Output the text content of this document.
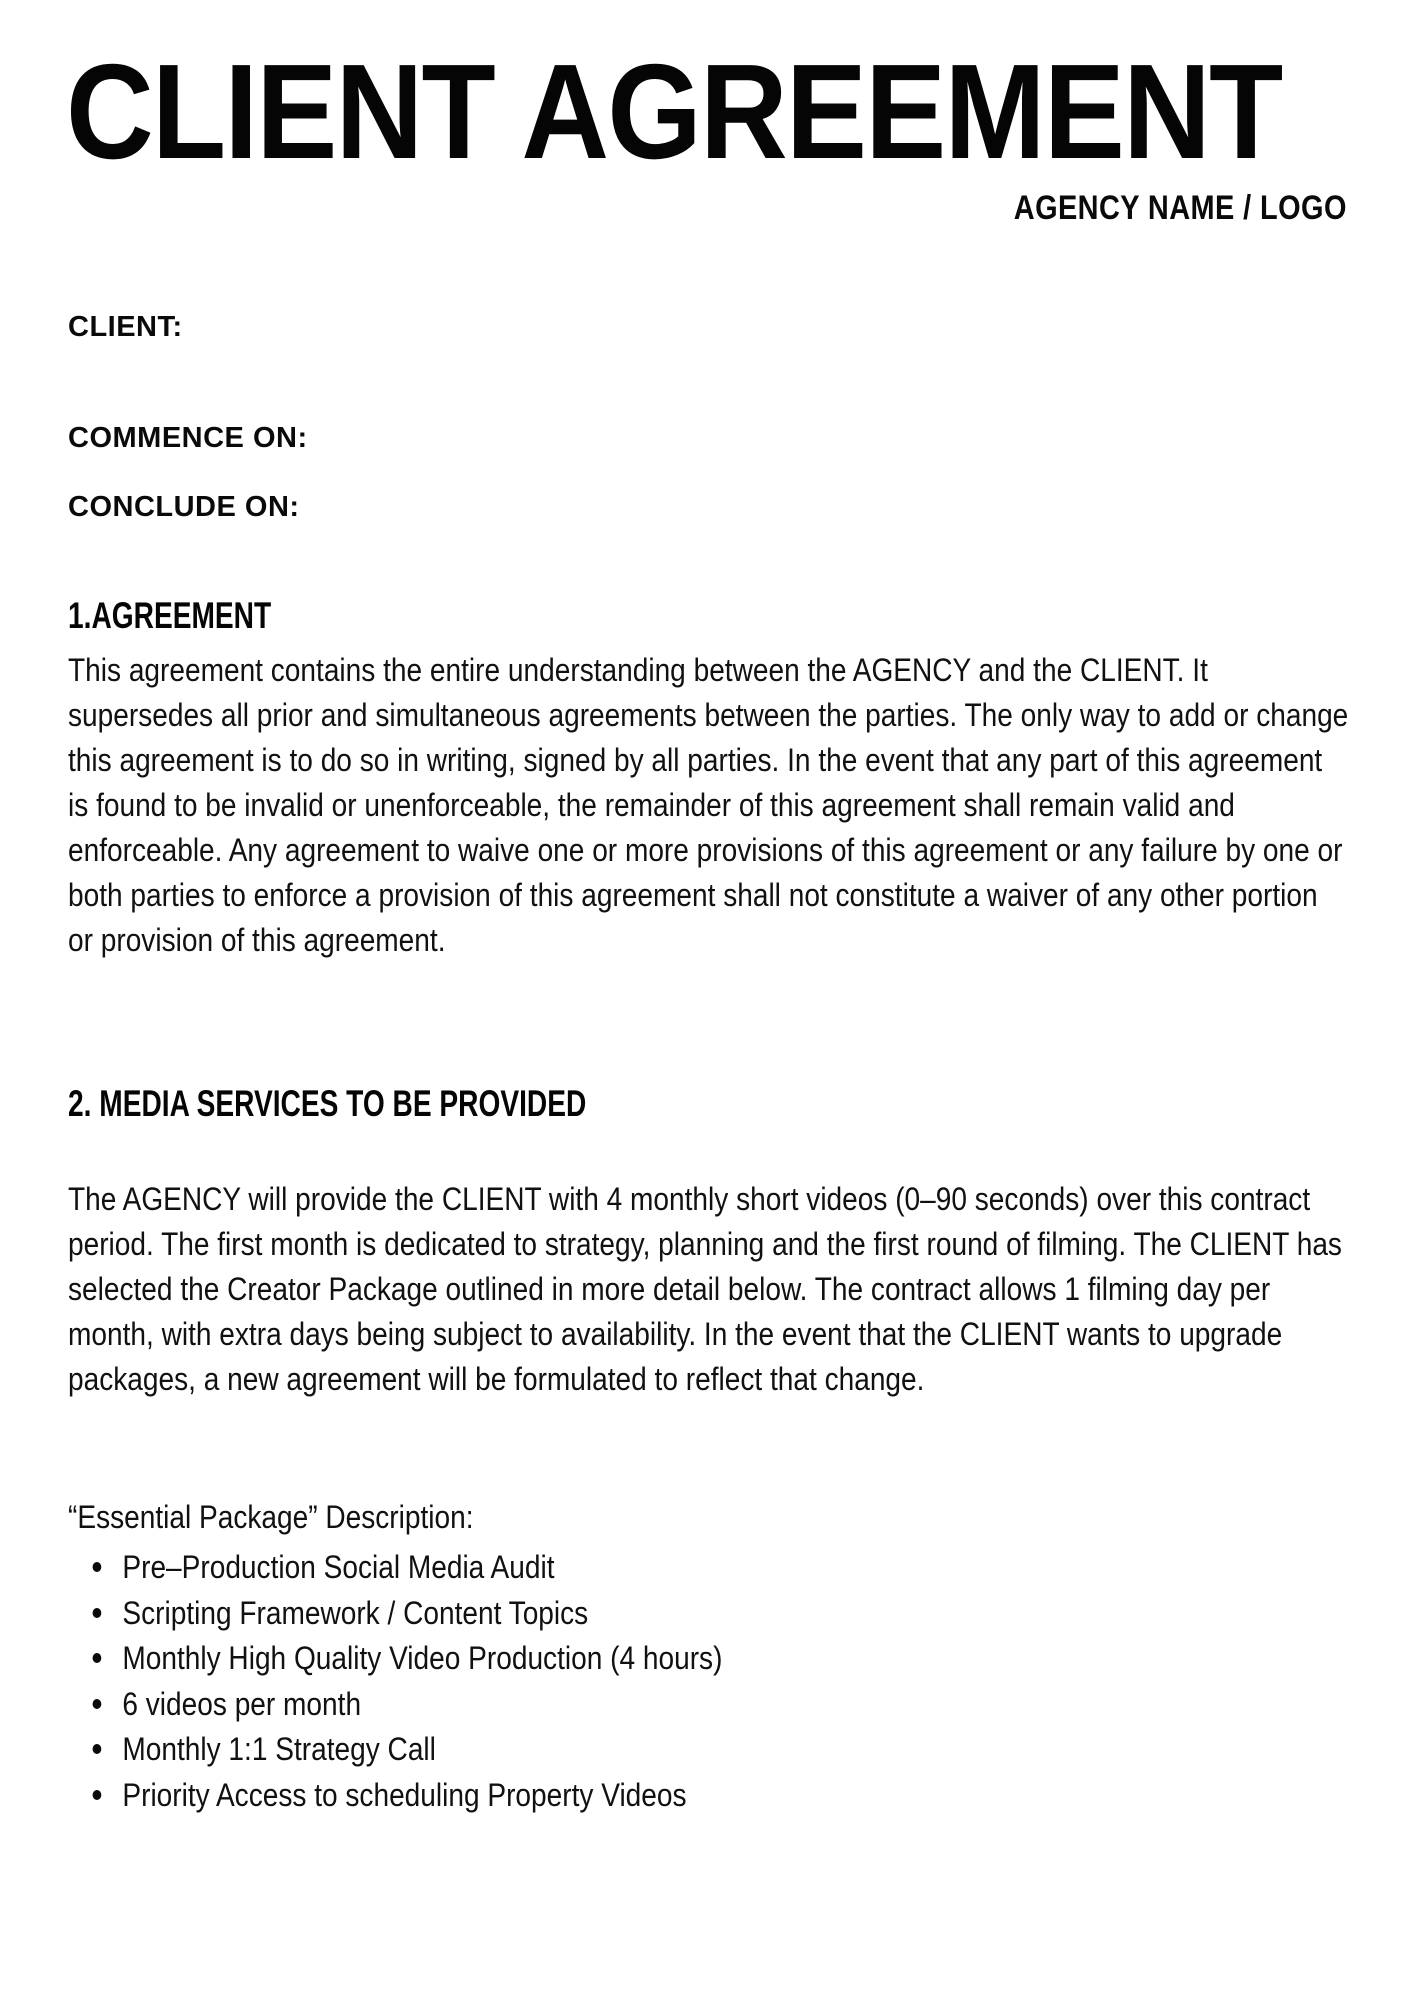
CLIENT AGREEMENT
AGENCY NAME / LOGO
CLIENT:
COMMENCE ON:
CONCLUDE ON:
1.AGREEMENT

This agreement contains the entire understanding between the AGENCY and the CLIENT. It supersedes all prior and simultaneous agreements between the parties. The only way to add or change this agreement is to do so in writing, signed by all parties. In the event that any part of this agreement is found to be invalid or unenforceable, the remainder of this agreement shall remain valid and enforceable. Any agreement to waive one or more provisions of this agreement or any failure by one or both parties to enforce a provision of this agreement shall not constitute a waiver of any other portion or provision of this agreement.

2. MEDIA SERVICES TO BE PROVIDED

The AGENCY will provide the CLIENT with 4 monthly short videos (0–90 seconds) over this contract period. The first month is dedicated to strategy, planning and the first round of filming. The CLIENT has selected the Creator Package outlined in more detail below. The contract allows 1 filming day per month, with extra days being subject to availability. In the event that the CLIENT wants to upgrade packages, a new agreement will be formulated to reflect that change.

“Essential Package” Description:

Pre–Production Social Media Audit
Scripting Framework / Content Topics
Monthly High Quality Video Production (4 hours)
6 videos per month
Monthly 1:1 Strategy Call
Priority Access to scheduling Property Videos
